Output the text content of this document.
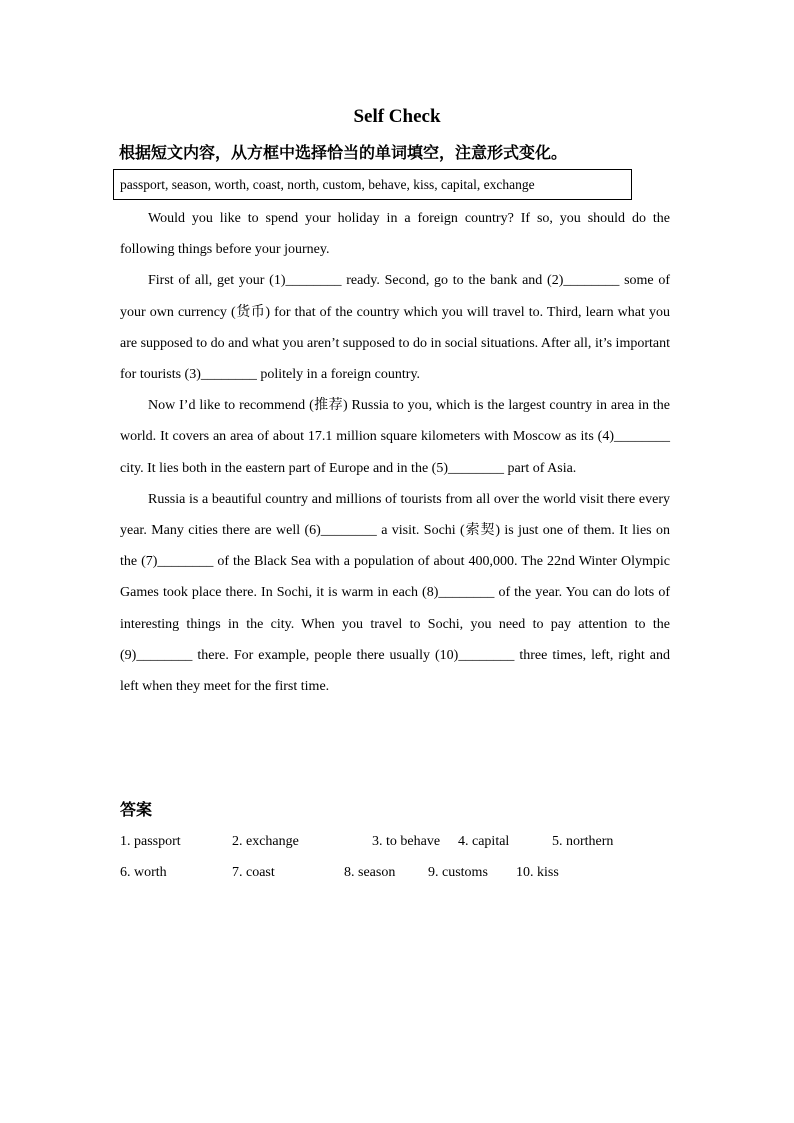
Self Check
根据短文内容，从方框中选择恰当的单词填空，注意形式变化。
passport, season, worth, coast, north, custom, behave, kiss, capital, exchange

Would you like to spend your holiday in a foreign country? If so, you should do the following things before your journey.

First of all, get your (1)________ ready. Second, go to the bank and (2)________ some of your own currency (货币) for that of the country which you will travel to. Third, learn what you are supposed to do and what you aren’t supposed to do in social situations. After all, it’s important for tourists (3)________ politely in a foreign country.

Now I’d like to recommend (推荐) Russia to you, which is the largest country in area in the world. It covers an area of about 17.1 million square kilometers with Moscow as its (4)________ city. It lies both in the eastern part of Europe and in the (5)________ part of Asia.

Russia is a beautiful country and millions of tourists from all over the world visit there every year. Many cities there are well (6)________ a visit. Sochi (索契) is just one of them. It lies on the (7)________ of the Black Sea with a population of about 400,000. The 22nd Winter Olympic Games took place there. In Sochi, it is warm in each (8)________ of the year. You can do lots of interesting things in the city. When you travel to Sochi, you need to pay attention to the (9)________ there. For example, people there usually (10)________ three times, left, right and left when they meet for the first time.

答案
1. passport	2. exchange	3. to behave 4. capital	5. northern
6. worth	7. coast	8. season 9. customs 10. kiss
